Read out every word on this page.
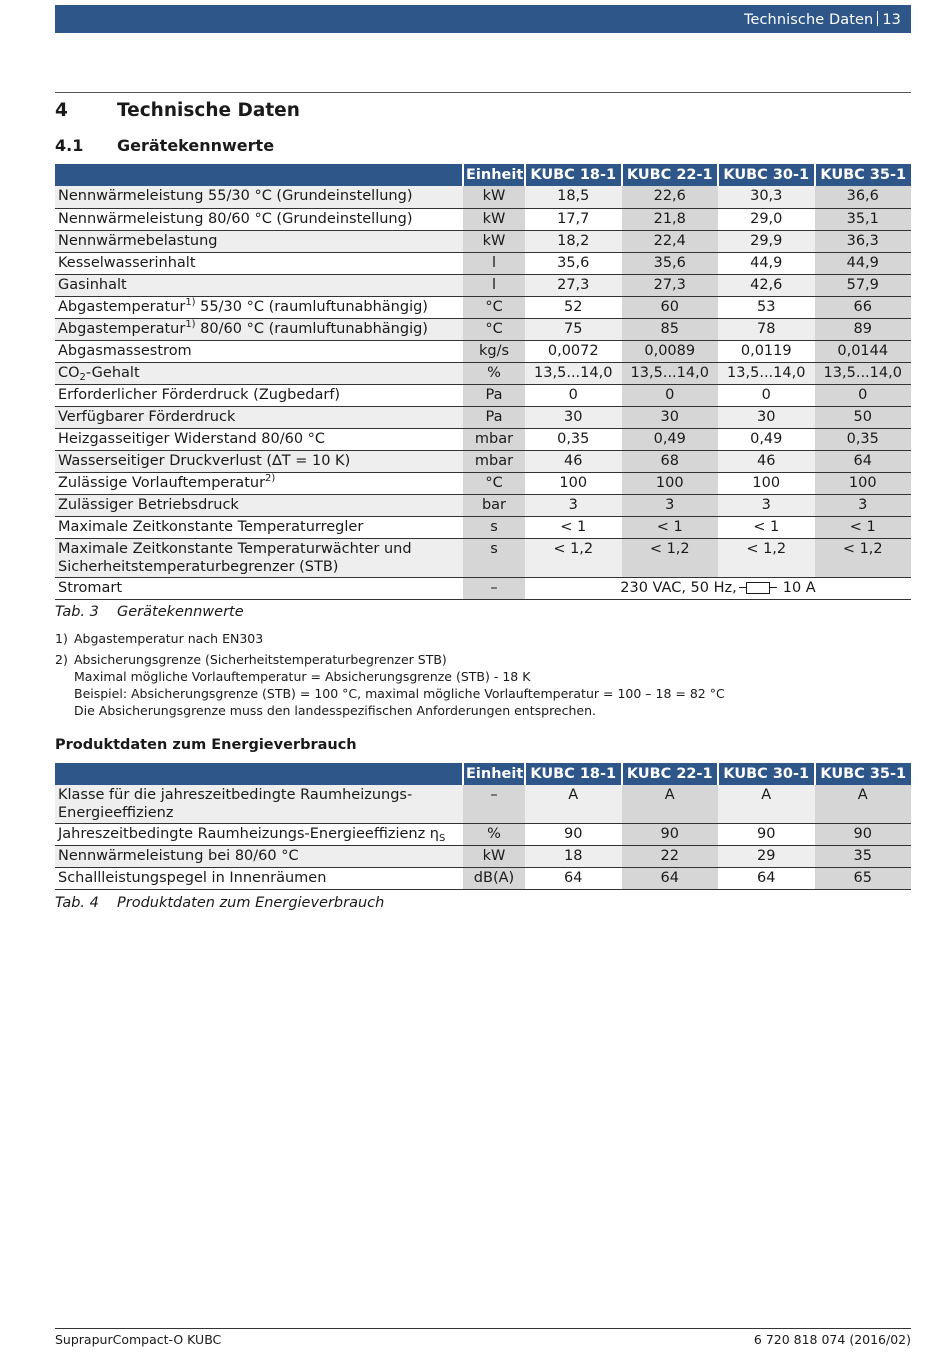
Technische Daten 13
4	Technische Daten
4.1 Gerätekennwerte
	Einheit	KUBC 18-1	KUBC 22-1	KUBC 30-1	KUBC 35-1
Nennwärmeleistung 55/30 °C (Grundeinstellung)	kW	18,5	22,6	30,3	36,6
Nennwärmeleistung 80/60 °C (Grundeinstellung)	kW	17,7	21,8	29,0	35,1
Nennwärmebelastung	kW	18,2	22,4	29,9	36,3
Kesselwasserinhalt	l	35,6	35,6	44,9	44,9
Gasinhalt	l	27,3	27,3	42,6	57,9
Abgastemperatur$^{1)}$ 55/30 °C (raumluftunabhängig)	°C	52	60	53	66
Abgastemperatur$^{1)}$ 80/60 °C (raumluftunabhängig)	°C	75	85	78	89
Abgasmassestrom	kg/s	0,0072	0,0089	0,0119	0,0144
$CO_2$-Gehalt	%	13,5...14,0	13,5...14,0	13,5...14,0	13,5...14,0
Erforderlicher Förderdruck (Zugbedarf)	Pa	0	0	0	0
Verfügbarer Förderdruck	Pa	30	30	30	50
Heizgasseitiger Widerstand 80/60 °C	mbar	0,35	0,49	0,49	0,35
Wasserseitiger Druckverlust (∆T = 10 K)	mbar	46	68	46	64
Zulässige Vorlauftemperatur$^{2)}$	°C	100	100	100	100
Zulässiger Betriebsdruck	bar	3	3	3	3
Maximale Zeitkonstante Temperaturregler	s	< 1	< 1	< 1	< 1
Maximale Zeitkonstante Temperaturwächter und Sicherheitstemperaturbegrenzer (STB)	s	< 1,2	< 1,2	< 1,2	< 1,2
Stromart	–	230 VAC, 50 Hz, 10 A			
Tab. 3 Gerätekennwerte
1) Abgastemperatur nach EN303
2) Absicherungsgrenze (Sicherheitstemperaturbegrenzer STB)
Maximal mögliche Vorlauftemperatur = Absicherungsgrenze (STB) - 18 K
Beispiel: Absicherungsgrenze (STB) = 100 °C, maximal mögliche Vorlauftemperatur = 100 – 18 = 82 °C
Die Absicherungsgrenze muss den landesspezifischen Anforderungen entsprechen.
Produktdaten zum Energieverbrauch
	Einheit	KUBC 18-1	KUBC 22-1	KUBC 30-1	KUBC 35-1
Klasse für die jahreszeitbedingte Raumheizungs-Energieeffizienz	–	A	A	A	A
Jahreszeitbedingte Raumheizungs-Energieeffizienz $\eta_S$	%	90	90	90	90
Nennwärmeleistung bei 80/60 °C	kW	18	22	29	35
Schallleistungspegel in Innenräumen	dB(A)	64	64	64	65
Tab. 4 Produktdaten zum Energieverbrauch
SuprapurCompact-O KUBC	6 720 818 074 (2016/02)
